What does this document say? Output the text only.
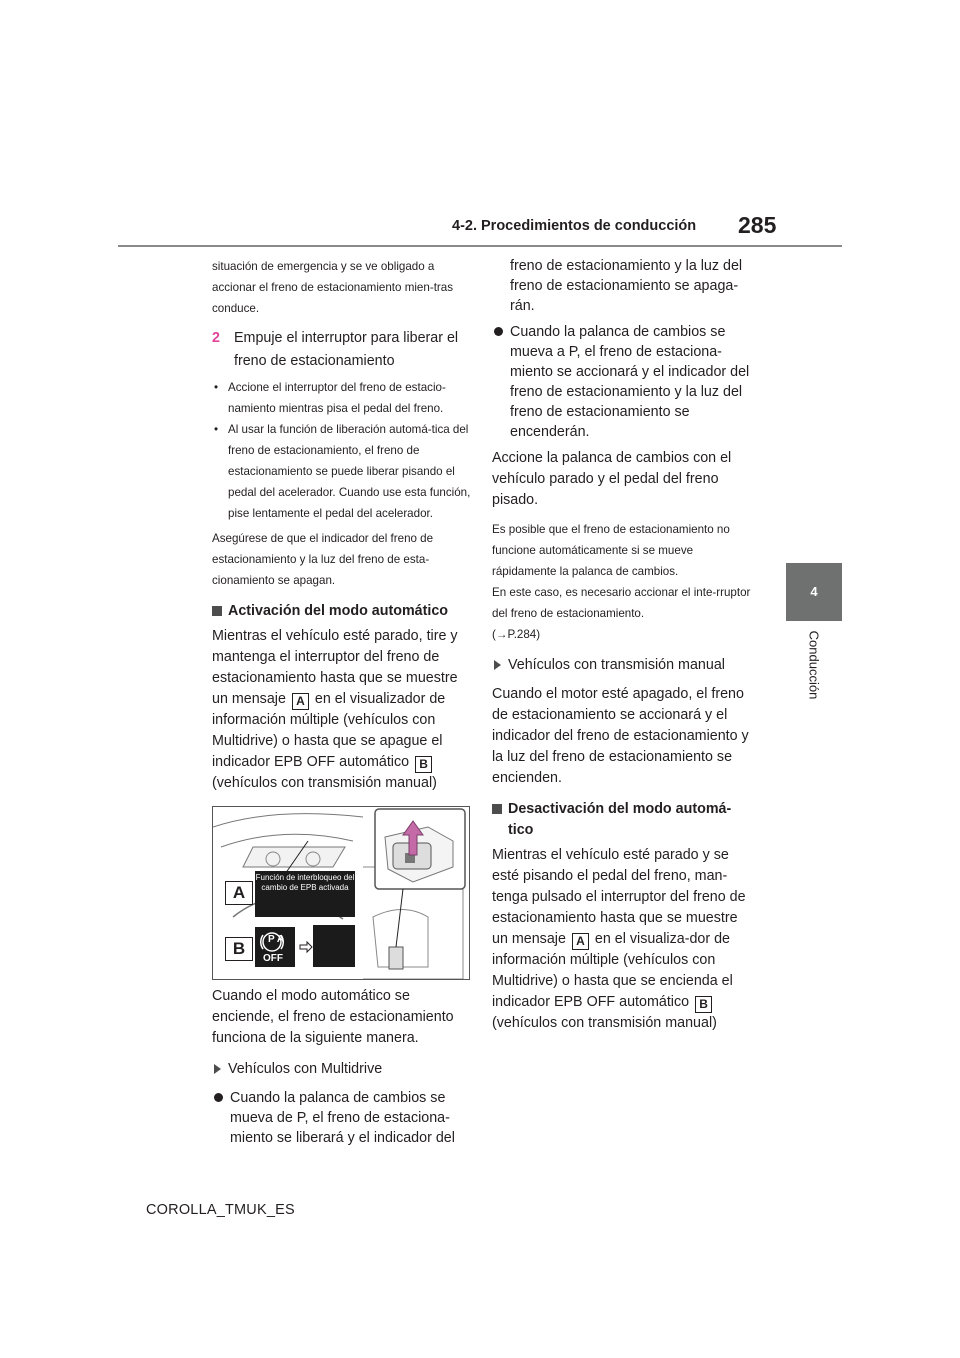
4-2. Procedimientos de conducción 285
4
Conducción

situación de emergencia y se ve obligado a accionar el freno de estacionamiento mien-tras conduce.

2 Empuje el interruptor para liberar el freno de estacionamiento

• Accione el interruptor del freno de estacio-namiento mientras pisa el pedal del freno.

• Al usar la función de liberación automá-tica del freno de estacionamiento, el freno de estacionamiento se puede liberar pisando el pedal del acelerador. Cuando use esta función, pise lentamente el pedal del acelerador.

Asegúrese de que el indicador del freno de estacionamiento y la luz del freno de esta-cionamiento se apagan.

Activación del modo automático

Mientras el vehículo esté parado, tire y mantenga el interruptor del freno de estacionamiento hasta que se muestre un mensaje A en el visualizador de información múltiple (vehículos con Multidrive) o hasta que se apague el indicador EPB OFF automático B (vehículos con transmisión manual)

A
Función de interbloqueo del cambio de EPB activada
B	P A
OFF

Cuando el modo automático se enciende, el freno de estacionamiento funciona de la siguiente manera.

Vehículos con Multidrive

Cuando la palanca de cambios se mueva de P, el freno de estaciona-miento se liberará y el indicador del

freno de estacionamiento y la luz del freno de estacionamiento se apaga-rán.

Cuando la palanca de cambios se mueva a P, el freno de estaciona-miento se accionará y el indicador del freno de estacionamiento y la luz del freno de estacionamiento se encenderán.

Accione la palanca de cambios con el vehículo parado y el pedal del freno pisado.

Es posible que el freno de estacionamiento no funcione automáticamente si se mueve rápidamente la palanca de cambios.

En este caso, es necesario accionar el inte-rruptor del freno de estacionamiento.

(→P.284)

Vehículos con transmisión manual

Cuando el motor esté apagado, el freno de estacionamiento se accionará y el indicador del freno de estacionamiento y la luz del freno de estacionamiento se encienden.

Desactivación del modo automá-tico

Mientras el vehículo esté parado y se esté pisando el pedal del freno, man-tenga pulsado el interruptor del freno de estacionamiento hasta que se muestre un mensaje A en el visualiza-dor de información múltiple (vehículos con Multidrive) o hasta que se encienda el indicador EPB OFF automático B (vehículos con transmisión manual)

COROLLA_TMUK_ES
